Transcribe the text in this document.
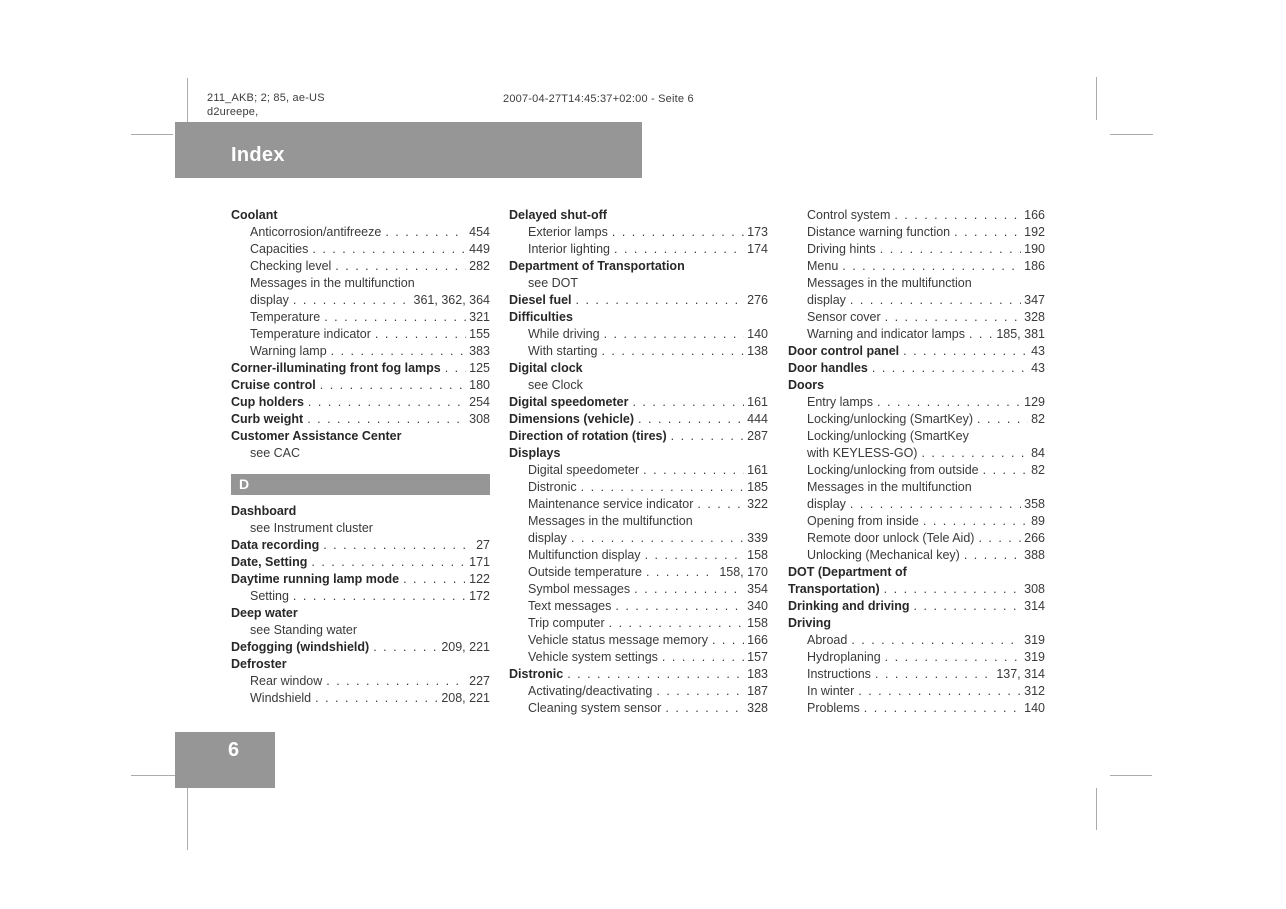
211_AKB; 2; 85, ae-US
d2ureepe,
2007-04-27T14:45:37+02:00 - Seite 6
Index
Coolant
Anticorrosion/antifreeze . . .	454
Capacities . . .	449
Checking level . . .	282
Messages in the multifunction
display . . .	361, 362, 364
Temperature . . .	321
Temperature indicator . . .	155
Warning lamp . . .	383
Corner-illuminating front fog lamps . . . 125
Cruise control . . .	180
Cup holders . . .	254
Curb weight . . .	308
Customer Assistance Center
see CAC
D
Dashboard
see Instrument cluster
Data recording . . .	27
Date, Setting . . .	171
Daytime running lamp mode . . .	122
Setting . . .	172
Deep water
see Standing water
Defogging (windshield) . . .	209, 221
Defroster
Rear window . . .	227
Windshield . . .	208, 221
Delayed shut-off
Exterior lamps . . .	173
Interior lighting . . .	174
Department of Transportation
see DOT
Diesel fuel . . .	276
Difficulties
While driving . . .	140
With starting . . .	138
Digital clock
see Clock
Digital speedometer . . .	161
Dimensions (vehicle) . . .	444
Direction of rotation (tires) . . .	287
Displays
Digital speedometer . . .	161
Distronic . . .	185
Maintenance service indicator . . .	322
Messages in the multifunction
display . . .	339
Multifunction display . . .	158
Outside temperature . . .	158, 170
Symbol messages . . .	354
Text messages . . .	340
Trip computer . . .	158
Vehicle status message memory . . .	166
Vehicle system settings . . .	157
Distronic . . .	183
Activating/deactivating . . .	187
Cleaning system sensor . . .	328
Control system . . .	166
Distance warning function . . .	192
Driving hints . . .	190
Menu . . .	186
Messages in the multifunction
display . . .	347
Sensor cover . . .	328
Warning and indicator lamps . . .	185, 381
Door control panel . . .	43
Door handles . . .	43
Doors
Entry lamps . . .	129
Locking/unlocking (SmartKey) . . .	82
Locking/unlocking (SmartKey
with KEYLESS-GO) . . .	84
Locking/unlocking from outside . . .	82
Messages in the multifunction
display . . .	358
Opening from inside . . .	89
Remote door unlock (Tele Aid) . . .	266
Unlocking (Mechanical key) . . .	388
DOT (Department of
Transportation) . . .	308
Drinking and driving . . .	314
Driving
Abroad . . .	319
Hydroplaning . . .	319
Instructions . . .	137, 314
In winter . . .	312
Problems . . .	140
6
